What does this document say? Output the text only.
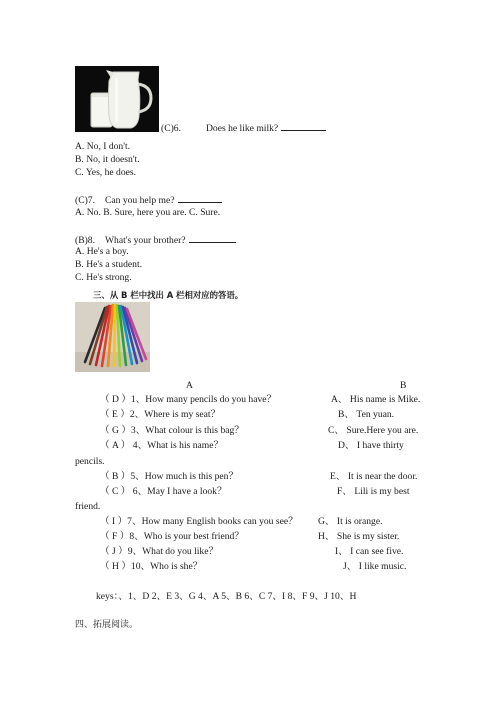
(C)6.	Does he like milk?
A. No, I don't.
B. No, it doesn't.
C. Yes, he does.
(C)7. Can you help me?
A. No. B. Sure, here you are. C. Sure.
(B)8. What's your brother?
A. He's a boy.
B. He's a student.
C. He's strong.
三、从 B 栏中找出 A 栏相对应的答语。
A	B
（ D ）1、How many pencils do you have？	A、 His name is Mike.
（ E ）2、Where is my seat？	B、 Ten yuan.
（ G ）3、What colour is this bag？	C、 Sure.Here you are.
（ A ） 4、What is his name？	D、 I have thirty
pencils.
（ B ）5、How much is this pen？	E、 It is near the door.
（ C ） 6、May I have a look？	F、 Lili is my best
friend.
（ I ）7、How many English books can you see？ G、 It is orange.
（ F ）8、Who is your best friend？	H、 She is my sister.
（ J ）9、What do you like？	I、 I can see five.
（ H ）10、Who is she？	J、 I like music.
keys：、1、D 2、E 3、G 4、A 5、B 6、C 7、I 8、F 9、J 10、H
四、拓展阅读。
